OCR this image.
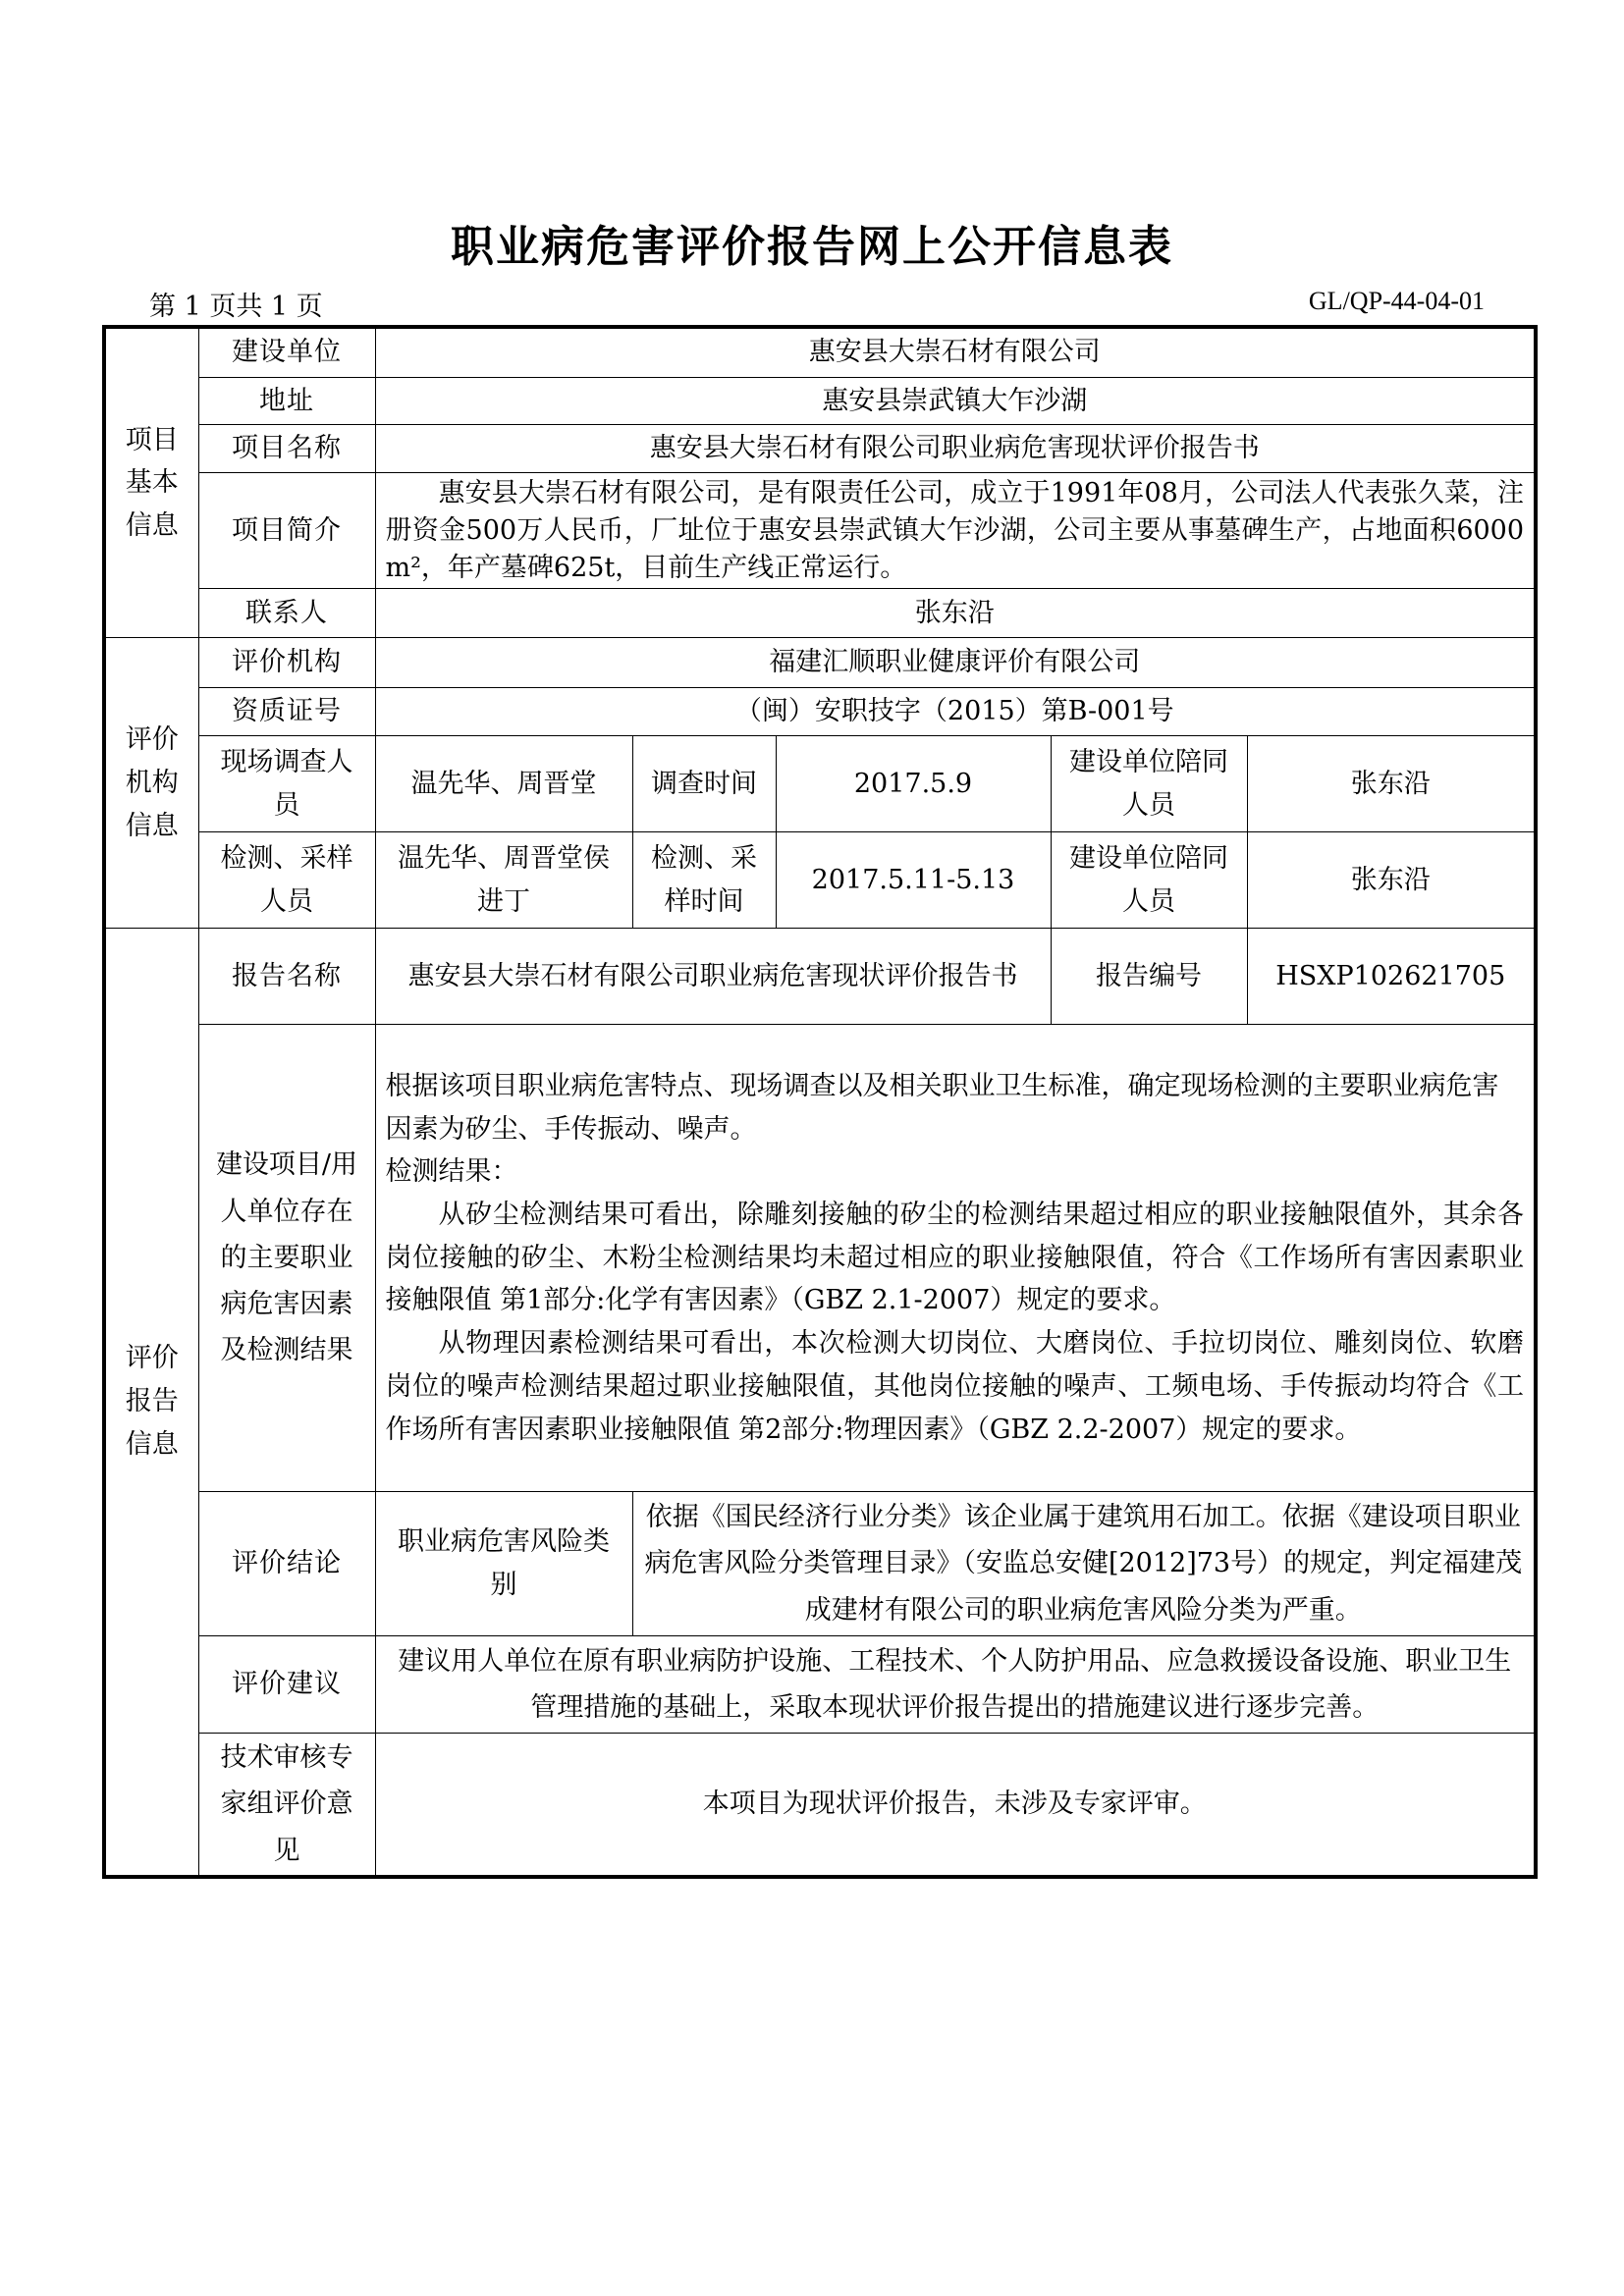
职业病危害评价报告网上公开信息表
第 1 页共 1 页	GL/QP-44-04-01
项目基本信息	建设单位	惠安县大崇石材有限公司				
	地址	惠安县崇武镇大乍沙湖				
	项目名称	惠安县大崇石材有限公司职业病危害现状评价报告书				
	项目简介	惠安县大崇石材有限公司，是有限责任公司，成立于1991年08月，公司法人代表张久菜，注册资金500万人民币，厂址位于惠安县崇武镇大乍沙湖，公司主要从事墓碑生产，占地面积6000m²，年产墓碑625t，目前生产线正常运行。				

	联系人	张东沿				
评价机构信息	评价机构	福建汇顺职业健康评价有限公司				
	资质证号	（闽）安职技字（2015）第B-001号				
	现场调查人员	温先华、周晋堂	调查时间	2017.5.9	建设单位陪同人员	张东沿
	检测、采样人员	温先华、周晋堂侯进丁	检测、采样时间	2017.5.11-5.13	建设单位陪同人员	张东沿
评价报告信息	报告名称	惠安县大崇石材有限公司职业病危害现状评价报告书			报告编号	HSXP102621705
	建设项目/用人单位存在的主要职业病危害因素及检测结果	根据该项目职业病危害特点、现场调查以及相关职业卫生标准，确定现场检测的主要职业病危害因素为矽尘、手传振动、噪声。

检测结果：

从矽尘检测结果可看出，除雕刻接触的矽尘的检测结果超过相应的职业接触限值外，其余各岗位接触的矽尘、木粉尘检测结果均未超过相应的职业接触限值，符合《工作场所有害因素职业接触限值 第1部分:化学有害因素》（GBZ 2.1-2007）规定的要求。

从物理因素检测结果可看出，本次检测大切岗位、大磨岗位、手拉切岗位、雕刻岗位、软磨岗位的噪声检测结果超过职业接触限值，其他岗位接触的噪声、工频电场、手传振动均符合《工作场所有害因素职业接触限值 第2部分:物理因素》（GBZ 2.2-2007）规定的要求。				

	评价结论	职业病危害风险类别	依据《国民经济行业分类》该企业属于建筑用石加工。依据《建设项目职业病危害风险分类管理目录》（安监总安健[2012]73号）的规定，判定福建茂成建材有限公司的职业病危害风险分类为严重。			
	评价建议	建议用人单位在原有职业病防护设施、工程技术、个人防护用品、应急救援设备设施、职业卫生管理措施的基础上，采取本现状评价报告提出的措施建议进行逐步完善。				
	技术审核专家组评价意见	本项目为现状评价报告，未涉及专家评审。				
